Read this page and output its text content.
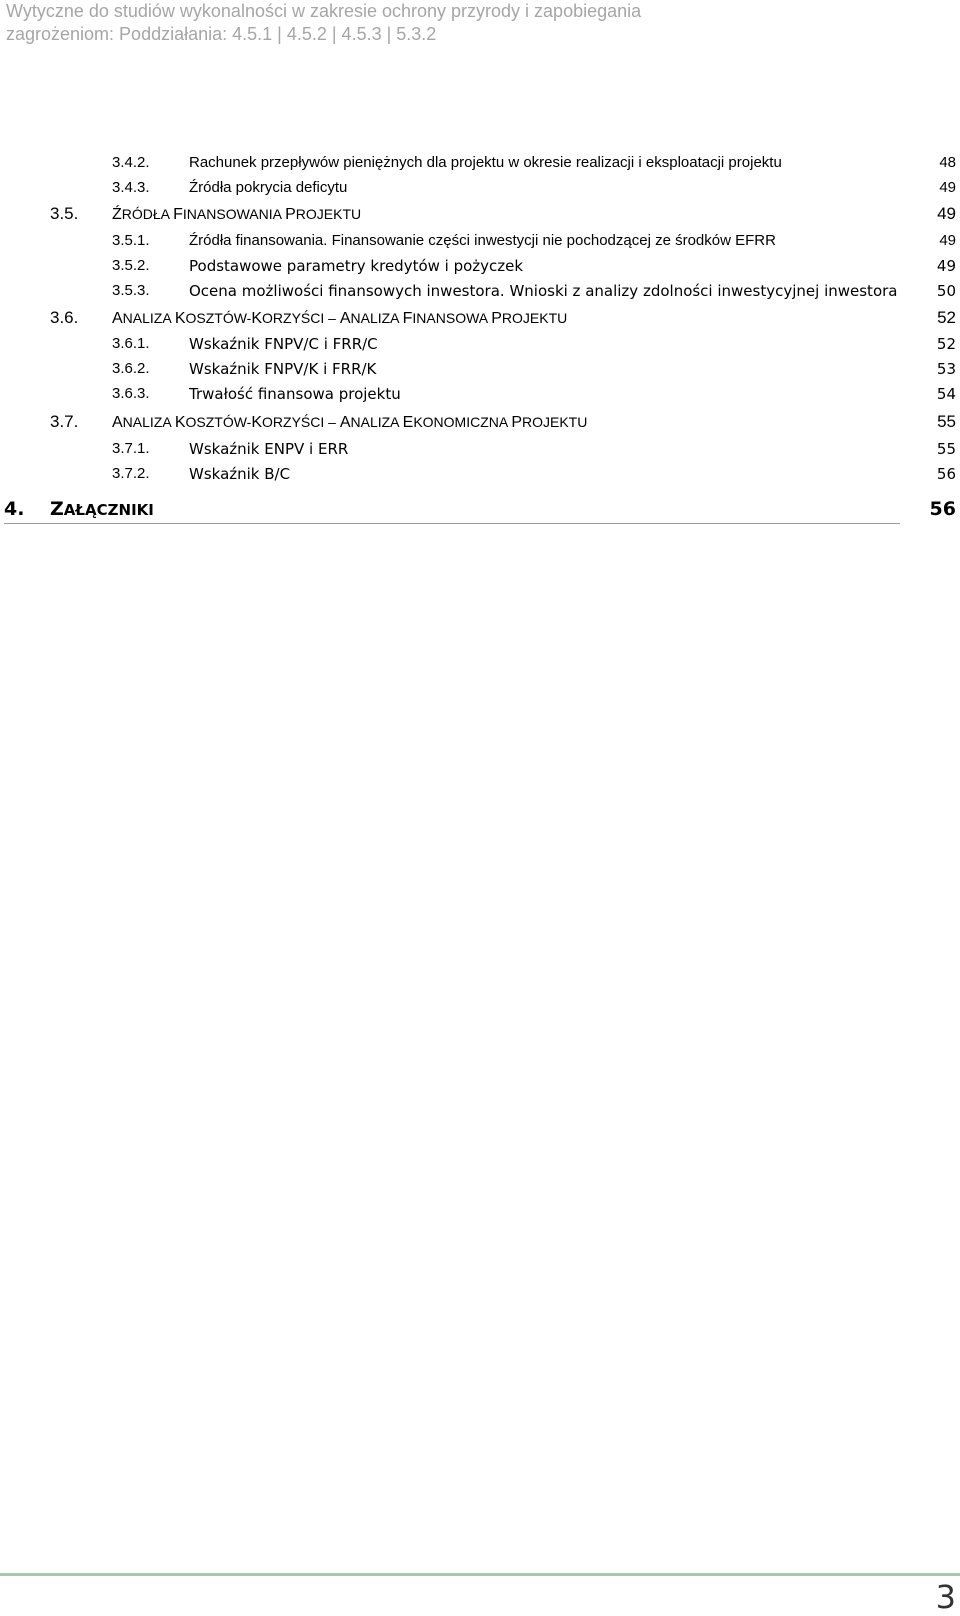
Wytyczne do studiów wykonalności w zakresie ochrony przyrody i zapobiegania
zagrożeniom: Poddziałania: 4.5.1 | 4.5.2 | 4.5.3 | 5.3.2
3.4.2.	Rachunek przepływów pieniężnych dla projektu w okresie realizacji i eksploatacji projektu	48
3.4.3.	Źródła pokrycia deficytu	49
3.5. ŹRÓDŁA FINANSOWANIA PROJEKTU	49
3.5.1.	Źródła finansowania. Finansowanie części inwestycji nie pochodzącej ze środków EFRR	49
3.5.2.	Podstawowe parametry kredytów i pożyczek	49
3.5.3.	Ocena możliwości finansowych inwestora. Wnioski z analizy zdolności inwestycyjnej inwestora	50
3.6. ANALIZA KOSZTÓW-KORZYŚCI – ANALIZA FINANSOWA PROJEKTU	52
3.6.1.	Wskaźnik FNPV/C i FRR/C	52
3.6.2.	Wskaźnik FNPV/K i FRR/K	53
3.6.3.	Trwałość finansowa projektu	54
3.7. ANALIZA KOSZTÓW-KORZYŚCI – ANALIZA EKONOMICZNA PROJEKTU	55
3.7.1.	Wskaźnik ENPV i ERR	55
3.7.2.	Wskaźnik B/C	56
4. ZAŁĄCZNIKI	56
3
